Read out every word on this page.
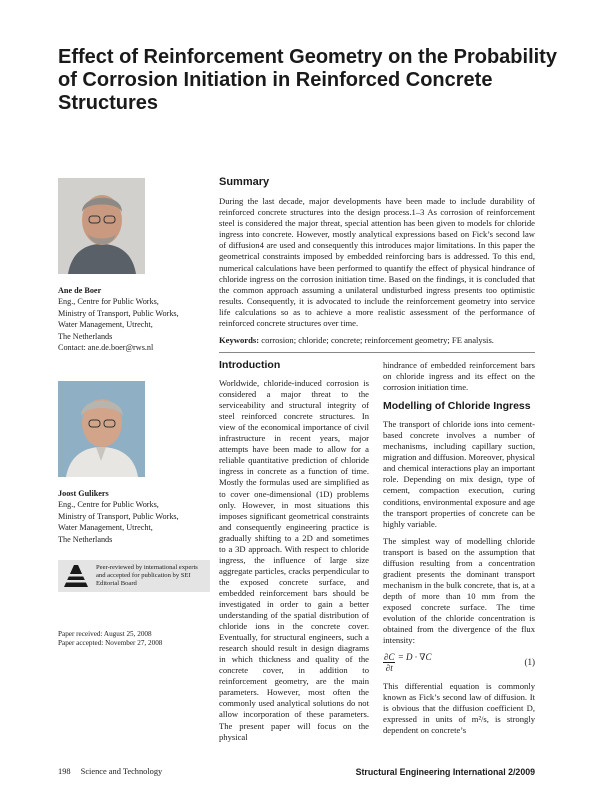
Effect of Reinforcement Geometry on the Probability
of Corrosion Initiation in Reinforced Concrete Structures
Ane de Boer
Eng., Centre for Public Works,
Ministry of Transport, Public Works,
Water Management, Utrecht,
The Netherlands
Contact: ane.de.boer@rws.nl
Joost Gulikers
Eng., Centre for Public Works,
Ministry of Transport, Public Works,
Water Management, Utrecht,
The Netherlands
Summary

During the last decade, major developments have been made to include durability of reinforced concrete structures into the design process.1–3 As corrosion of reinforcement steel is considered the major threat, special attention has been given to models for chloride ingress into concrete. However, mostly analytical expressions based on Fick’s second law of diffusion4 are used and consequently this introduces major limitations. In this paper the geometrical constraints imposed by embedded reinforcing bars is addressed. To this end, numerical calculations have been performed to quantify the effect of physical hindrance of chloride ingress on the corrosion initiation time. Based on the findings, it is concluded that the common approach assuming a unilateral undisturbed ingress presents too optimistic results. Consequently, it is advocated to include the reinforcement geometry into service life calculations so as to achieve a more realistic assessment of the performance of reinforced concrete structures over time.

Keywords: corrosion; chloride; concrete; reinforcement geometry; FE analysis.
Introduction

Worldwide, chloride-induced corrosion is considered a major threat to the serviceability and structural integrity of steel reinforced concrete structures. In view of the economical importance of civil infrastructure in recent years, major attempts have been made to allow for a reliable quantitative prediction of chloride ingress in concrete as a function of time. Mostly the formulas used are simplified as to cover one-dimensional (1D) problems only. However, in most situations this imposes significant geometrical constraints and consequently engineering practice is gradually shifting to a 2D and sometimes to a 3D approach. With respect to chloride ingress, the influence of large size aggregate particles, cracks perpendicular to the exposed concrete surface, and embedded reinforcement bars should be investigated in order to gain a better understanding of the spatial distribution of chloride ions in the concrete cover. Eventually, for structural engineers, such a research should result in design diagrams in which thickness and quality of the concrete cover, in addition to reinforcement geometry, are the main parameters. However, most often the commonly used analytical solutions do not allow incorporation of these parameters. The present paper will focus on the physical

hindrance of embedded reinforcement bars on chloride ingress and its effect on the corrosion initiation time.

Modelling of Chloride Ingress

The transport of chloride ions into cement-based concrete involves a number of mechanisms, including capillary suction, migration and diffusion. Moreover, physical and chemical interactions play an important role. Depending on mix design, type of cement, compaction execution, curing conditions, environmental exposure and age the transport properties of concrete can be highly variable.

The simplest way of modelling chloride transport is based on the assumption that diffusion resulting from a concentration gradient presents the dominant transport mechanism in the bulk concrete, that is, at a depth of more than 10 mm from the exposed concrete surface. The time evolution of the chloride concentration is obtained from the divergence of the flux intensity:

$\frac{\partial C}{\partial t} = D \cdot \nabla C$	(1)

This differential equation is commonly known as Fick’s second law of diffusion. It is obvious that the diffusion coefficient D, expressed in units of m²/s, is strongly dependent on concrete’s

Peer-reviewed by international experts and accepted for publication by SEI Editorial Board
Paper received: August 25, 2008
Paper accepted: November 27, 2008
198 Science and Technology	Structural Engineering International 2/2009
